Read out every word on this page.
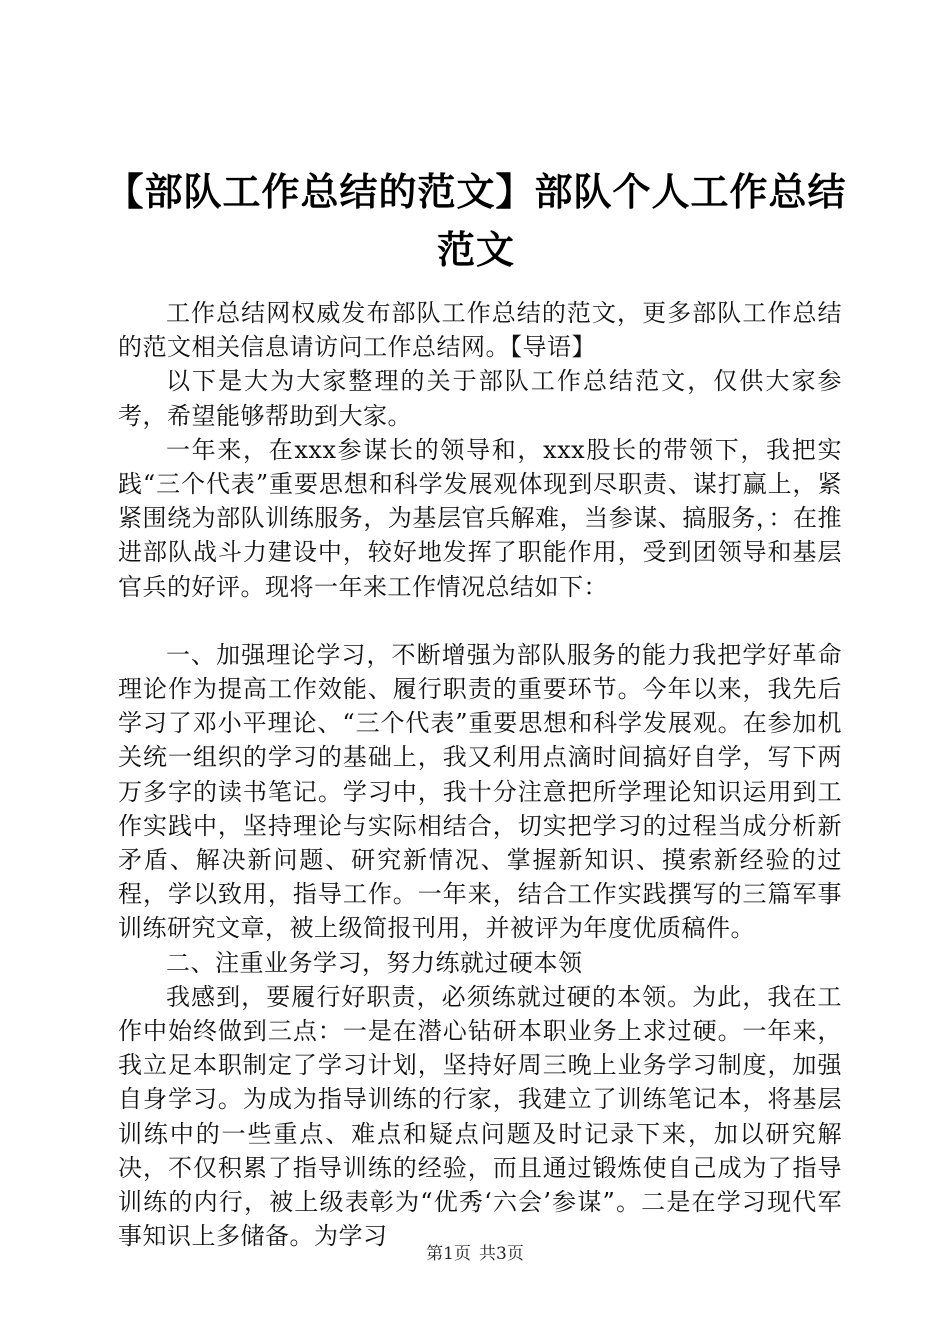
【部队工作总结的范文】部队个人工作总结范文

工作总结网权威发布部队工作总结的范文，更多部队工作总结的范文相关信息请访问工作总结网。【导语】

以下是大为大家整理的关于部队工作总结范文，仅供大家参考，希望能够帮助到大家。

一年来，在xxx参谋长的领导和，xxx股长的带领下，我把实践“三个代表”重要思想和科学发展观体现到尽职责、谋打赢上，紧紧围绕为部队训练服务，为基层官兵解难，当参谋、搞服务，：在推进部队战斗力建设中，较好地发挥了职能作用，受到团领导和基层官兵的好评。现将一年来工作情况总结如下：

一、加强理论学习，不断增强为部队服务的能力我把学好革命理论作为提高工作效能、履行职责的重要环节。今年以来，我先后学习了邓小平理论、“三个代表”重要思想和科学发展观。在参加机关统一组织的学习的基础上，我又利用点滴时间搞好自学，写下两万多字的读书笔记。学习中，我十分注意把所学理论知识运用到工作实践中，坚持理论与实际相结合，切实把学习的过程当成分析新矛盾、解决新问题、研究新情况、掌握新知识、摸索新经验的过程，学以致用，指导工作。一年来，结合工作实践撰写的三篇军事训练研究文章，被上级简报刊用，并被评为年度优质稿件。

二、注重业务学习，努力练就过硬本领

我感到，要履行好职责，必须练就过硬的本领。为此，我在工作中始终做到三点：一是在潜心钻研本职业务上求过硬。一年来，我立足本职制定了学习计划，坚持好周三晚上业务学习制度，加强自身学习。为成为指导训练的行家，我建立了训练笔记本，将基层训练中的一些重点、难点和疑点问题及时记录下来，加以研究解决，不仅积累了指导训练的经验，而且通过锻炼使自己成为了指导训练的内行，被上级表彰为“优秀‘六会’参谋”。二是在学习现代军事知识上多储备。为学习

第1页 共3页
